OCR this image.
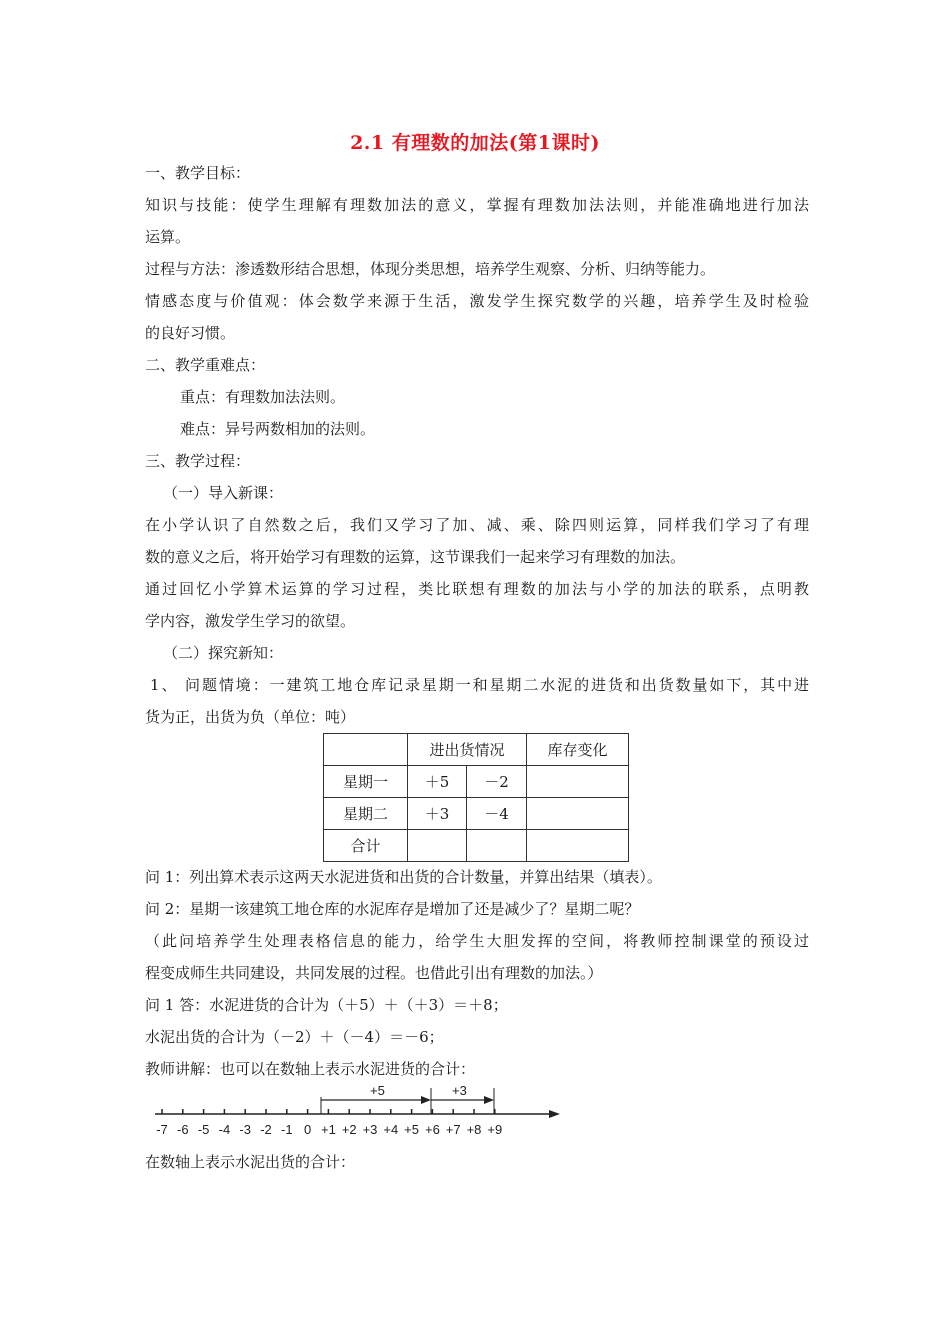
2.1 有理数的加法(第1课时)
一、教学目标：
知识与技能：使学生理解有理数加法的意义，掌握有理数加法法则，并能准确地进行加法
运算。
过程与方法：渗透数形结合思想，体现分类思想，培养学生观察、分析、归纳等能力。
情感态度与价值观：体会数学来源于生活，激发学生探究数学的兴趣，培养学生及时检验
的良好习惯。
二、教学重难点：
重点：有理数加法法则。
难点：异号两数相加的法则。
三、教学过程：
（一）导入新课：
在小学认识了自然数之后，我们又学习了加、减、乘、除四则运算，同样我们学习了有理
数的意义之后，将开始学习有理数的运算，这节课我们一起来学习有理数的加法。
通过回忆小学算术运算的学习过程，类比联想有理数的加法与小学的加法的联系，点明教
学内容，激发学生学习的欲望。
（二）探究新知：
1、 问题情境：一建筑工地仓库记录星期一和星期二水泥的进货和出货数量如下，其中进
货为正，出货为负（单位：吨）
	进出货情况		库存变化
星期一	＋5	－2	
星期二	＋3	－4	
合计			
问 1：列出算术表示这两天水泥进货和出货的合计数量，并算出结果（填表）。
问 2：星期一该建筑工地仓库的水泥库存是增加了还是减少了？星期二呢？
（此问培养学生处理表格信息的能力，给学生大胆发挥的空间，将教师控制课堂的预设过
程变成师生共同建设，共同发展的过程。也借此引出有理数的加法。）
问 1 答：水泥进货的合计为（＋5）＋（＋3）＝＋8；
水泥出货的合计为（－2）＋（－4）＝－6；
教师讲解：也可以在数轴上表示水泥进货的合计：
-7 -6 -5 -4 -3 -2 -1 0 +1 +2 +3 +4 +5 +6 +7 +8 +9
+5	+3
在数轴上表示水泥出货的合计：
